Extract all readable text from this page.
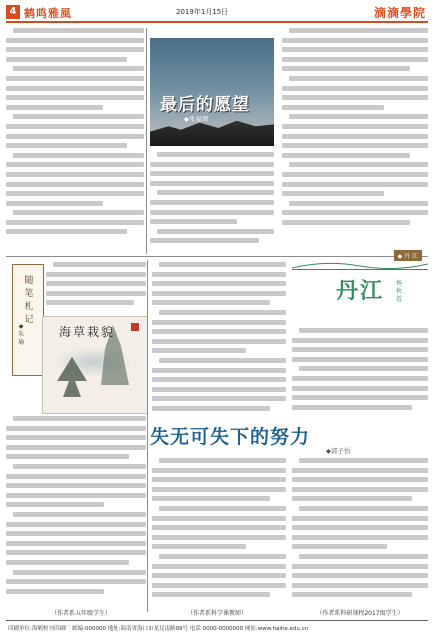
4 鹤鸣雅風	2019年1月15日	滴滴學院
最后的愿望
◆朱福翠
随笔札记
◆朱瑜
海草栽貌
（作者系五年级学生）
◆ 丹 江
丹江 杨秋霞
失无可失下的努力
◆郭子怡
（作者系科学课教师）	（作者系科研课程2017级学生）
印刷单位:海鹤校刊印刷厂 邮编:000000 地址:海南省海口市龙昆南路99号 电话:0000-0000000 网址:www.haihe.edu.cn
